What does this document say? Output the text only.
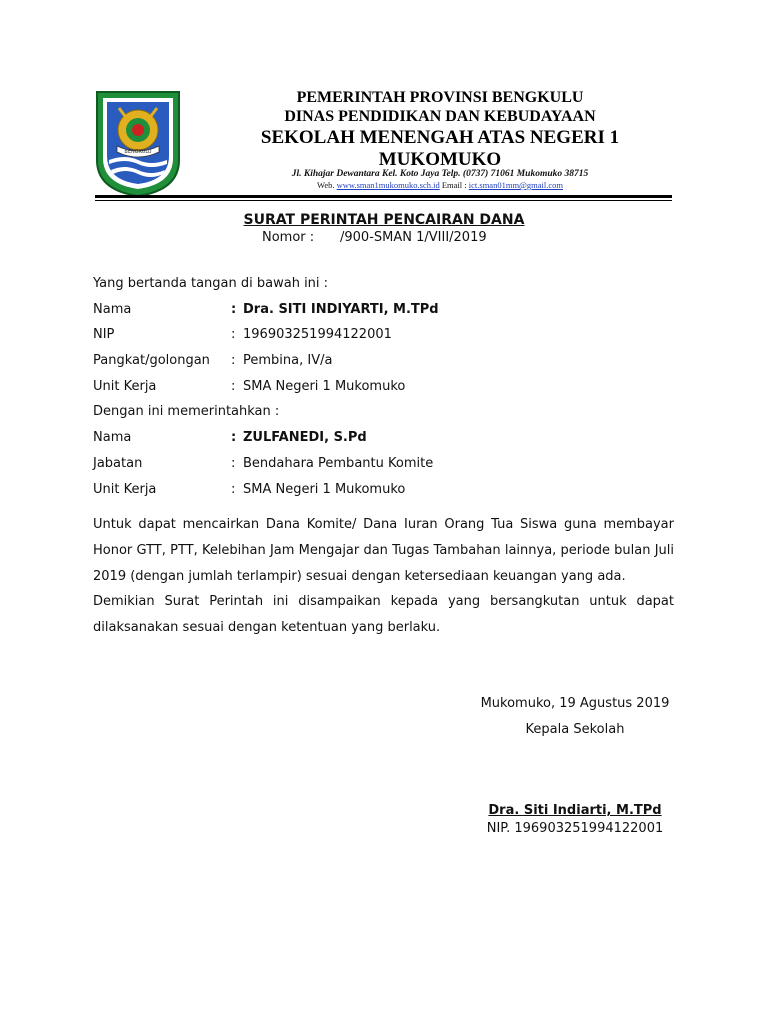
BENGKULU
PEMERINTAH PROVINSI BENGKULU
DINAS PENDIDIKAN DAN KEBUDAYAAN
SEKOLAH MENENGAH ATAS NEGERI 1
MUKOMUKO
Jl. Kihajar Dewantara Kel. Koto Jaya Telp. (0737) 71061 Mukomuko 38715
Web. www.sman1mukomuko.sch.id Email : ict.sman01mm@gmail.com
SURAT PERINTAH PENCAIRAN DANA
Nomor : /900-SMAN 1/VIII/2019
Yang bertanda tangan di bawah ini :
Nama	: Dra. SITI INDIYARTI, M.TPd
NIP	: 196903251994122001
Pangkat/golongan : Pembina, IV/a
Unit Kerja	: SMA Negeri 1 Mukomuko
Dengan ini memerintahkan :
Nama	: ZULFANEDI, S.Pd
Jabatan	: Bendahara Pembantu Komite
Unit Kerja	: SMA Negeri 1 Mukomuko
Untuk dapat mencairkan Dana Komite/ Dana Iuran Orang Tua Siswa guna membayar Honor GTT, PTT, Kelebihan Jam Mengajar dan Tugas Tambahan lainnya, periode bulan Juli 2019 (dengan jumlah terlampir) sesuai dengan ketersediaan keuangan yang ada.
Demikian Surat Perintah ini disampaikan kepada yang bersangkutan untuk dapat dilaksanakan sesuai dengan ketentuan yang berlaku.
Mukomuko, 19 Agustus 2019
Kepala Sekolah
Dra. Siti Indiarti, M.TPd
NIP. 196903251994122001
